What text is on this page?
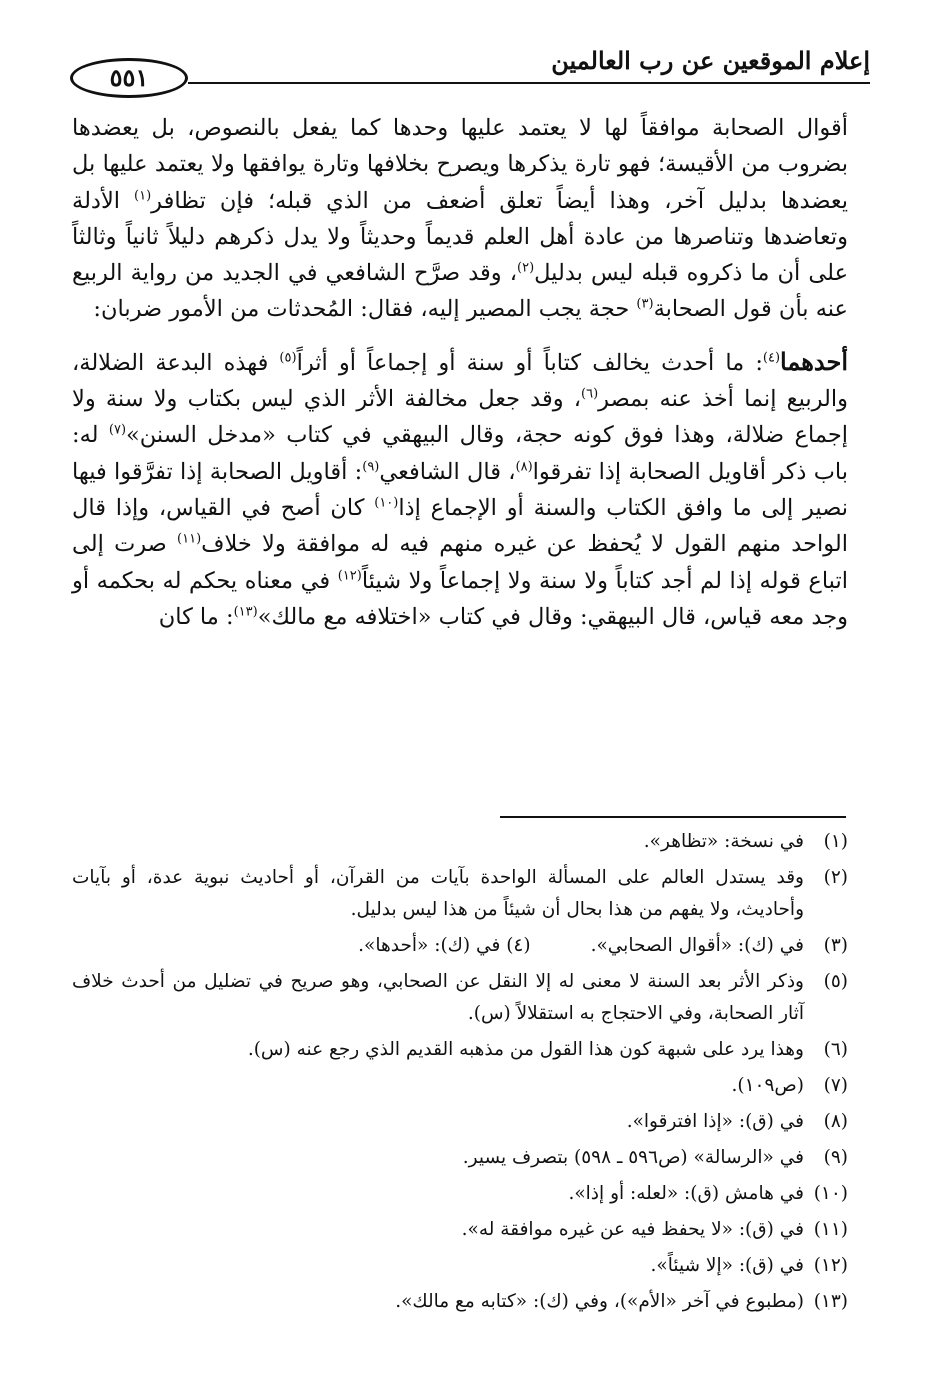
إعلام الموقعين عن رب العالمين
٥٥١

أقوال الصحابة موافقاً لها لا يعتمد عليها وحدها كما يفعل بالنصوص، بل يعضدها بضروب من الأقيسة؛ فهو تارة يذكرها ويصرح بخلافها وتارة يوافقها ولا يعتمد عليها بل يعضدها بدليل آخر، وهذا أيضاً تعلق أضعف من الذي قبله؛ فإن تظافر$^{(١)}$ الأدلة وتعاضدها وتناصرها من عادة أهل العلم قديماً وحديثاً ولا يدل ذكرهم دليلاً ثانياً وثالثاً على أن ما ذكروه قبله ليس بدليل$^{(٢)}$، وقد صرَّح الشافعي في الجديد من رواية الربيع عنه بأن قول الصحابة$^{(٣)}$ حجة يجب المصير إليه، فقال: المُحدثات من الأمور ضربان:

أحدهما$^{(٤)}$: ما أحدث يخالف كتاباً أو سنة أو إجماعاً أو أثراً$^{(٥)}$ فهذه البدعة الضلالة، والربيع إنما أخذ عنه بمصر$^{(٦)}$، وقد جعل مخالفة الأثر الذي ليس بكتاب ولا سنة ولا إجماع ضلالة، وهذا فوق كونه حجة، وقال البيهقي في كتاب «مدخل السنن»$^{(٧)}$ له: باب ذكر أقاويل الصحابة إذا تفرقوا$^{(٨)}$، قال الشافعي$^{(٩)}$: أقاويل الصحابة إذا تفرَّقوا فيها نصير إلى ما وافق الكتاب والسنة أو الإجماع إذا$^{(١٠)}$ كان أصح في القياس، وإذا قال الواحد منهم القول لا يُحفظ عن غيره منهم فيه له موافقة ولا خلاف$^{(١١)}$ صرت إلى اتباع قوله إذا لم أجد كتاباً ولا سنة ولا إجماعاً ولا شيئاً$^{(١٢)}$ في معناه يحكم له بحكمه أو وجد معه قياس، قال البيهقي: وقال في كتاب «اختلافه مع مالك»$^{(١٣)}$: ما كان

(١)
في نسخة: «تظاهر».
(٢)
وقد يستدل العالم على المسألة الواحدة بآيات من القرآن، أو أحاديث نبوية عدة، أو بآيات وأحاديث، ولا يفهم من هذا بحال أن شيئاً من هذا ليس بدليل.
(٣)
في (ك): «أقوال الصحابي».(٤) في (ك): «أحدها».
(٥)
وذكر الأثر بعد السنة لا معنى له إلا النقل عن الصحابي، وهو صريح في تضليل من أحدث خلاف آثار الصحابة، وفي الاحتجاج به استقلالاً (س).
(٦)
وهذا يرد على شبهة كون هذا القول من مذهبه القديم الذي رجع عنه (س).
(٧)
(ص١٠٩).
(٨)
في (ق): «إذا افترقوا».
(٩)
في «الرسالة» (ص٥٩٦ ـ ٥٩٨) بتصرف يسير.
(١٠)
في هامش (ق): «لعله: أو إذا».
(١١)
في (ق): «لا يحفظ فيه عن غيره موافقة له».
(١٢)
في (ق): «إلا شيئاً».
(١٣)
(مطبوع في آخر «الأم»)، وفي (ك): «كتابه مع مالك».
